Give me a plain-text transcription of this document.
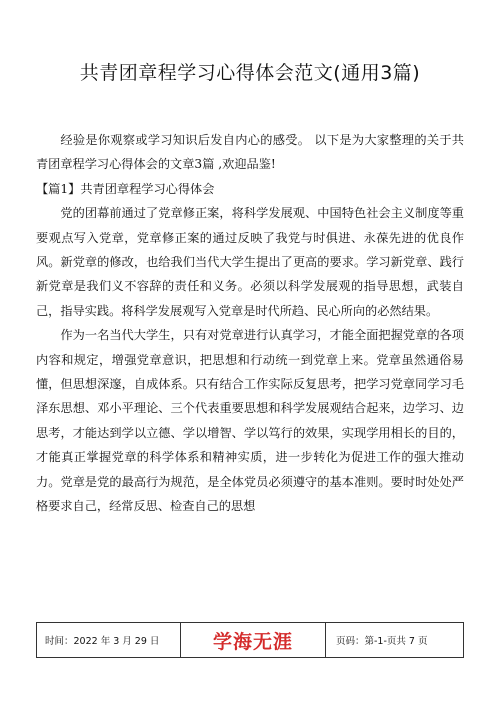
共青团章程学习心得体会范文(通用3篇)

经验是你观察或学习知识后发自内心的感受。 以下是为大家整理的关于共青团章程学习心得体会的文章3篇 ,欢迎品鉴!

【篇1】共青团章程学习心得体会

党的团幕前通过了党章修正案，将科学发展观、中国特色社会主义制度等重要观点写入党章，党章修正案的通过反映了我党与时俱进、永葆先进的优良作风。新党章的修改，也给我们当代大学生提出了更高的要求。学习新党章、践行新党章是我们义不容辞的责任和义务。必须以科学发展观的指导思想，武装自己，指导实践。将科学发展观写入党章是时代所趋、民心所向的必然结果。

作为一名当代大学生，只有对党章进行认真学习，才能全面把握党章的各项内容和规定，增强党章意识，把思想和行动统一到党章上来。党章虽然通俗易懂，但思想深邃，自成体系。只有结合工作实际反复思考，把学习党章同学习毛泽东思想、邓小平理论、三个代表重要思想和科学发展观结合起来，边学习、边思考，才能达到学以立德、学以增智、学以笃行的效果，实现学用相长的目的，才能真正掌握党章的科学体系和精神实质，进一步转化为促进工作的强大推动力。党章是党的最高行为规范，是全体党员必须遵守的基本准则。要时时处处严格要求自己，经常反思、检查自己的思想

时间：2022 年 3 月 29 日	学海无涯	页码：第-1-页共 7 页
